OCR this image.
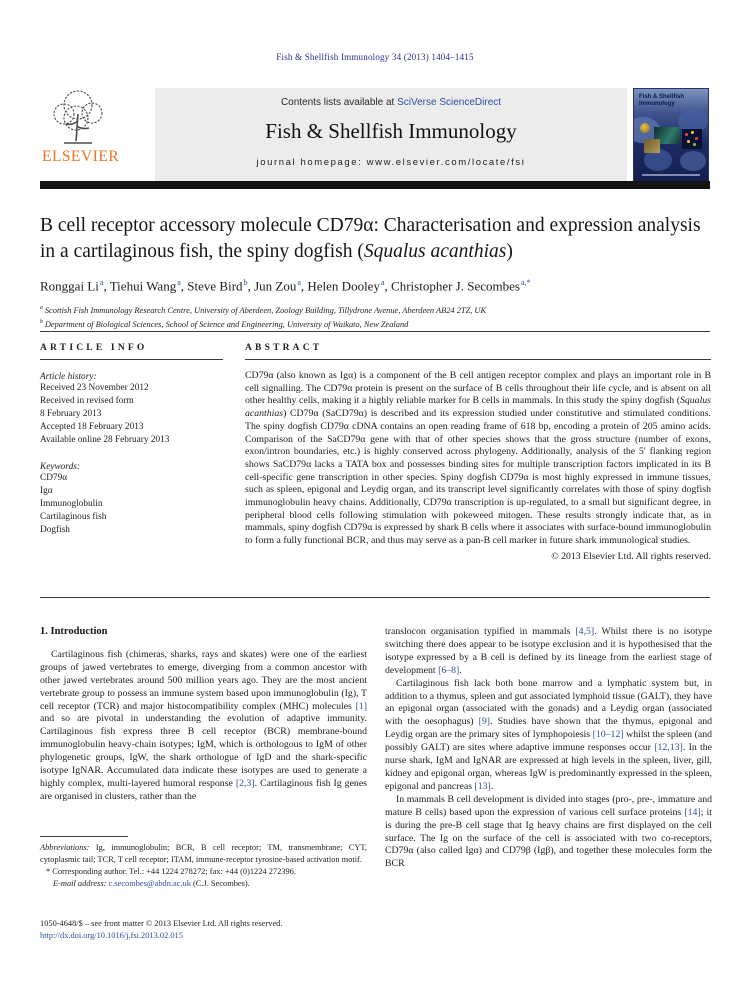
Fish & Shellfish Immunology 34 (2013) 1404–1415
ELSEVIER
Contents lists available at SciVerse ScienceDirect
Fish & Shellfish Immunology
journal homepage: www.elsevier.com/locate/fsi
Fish & Shellfish
Immunology
B cell receptor accessory molecule CD79α: Characterisation and expression analysis in a cartilaginous fish, the spiny dogfish (Squalus acanthias)
Ronggai Li$^a$, Tiehui Wang$^a$, Steve Bird$^b$, Jun Zou$^a$, Helen Dooley$^a$, Christopher J. Secombes$^{a,*}$
$^a$ Scottish Fish Immunology Research Centre, University of Aberdeen, Zoology Building, Tillydrone Avenue, Aberdeen AB24 2TZ, UK
$^b$ Department of Biological Sciences, School of Science and Engineering, University of Waikato, New Zealand
ARTICLE INFO
Article history:
Received 23 November 2012
Received in revised form
8 February 2013
Accepted 18 February 2013
Available online 28 February 2013
Keywords:
CD79α
Igα
Immunoglobulin
Cartilaginous fish
Dogfish
ABSTRACT
CD79α (also known as Igα) is a component of the B cell antigen receptor complex and plays an important role in B cell signalling. The CD79α protein is present on the surface of B cells throughout their life cycle, and is absent on all other healthy cells, making it a highly reliable marker for B cells in mammals. In this study the spiny dogfish (Squalus acanthias) CD79α (SaCD79α) is described and its expression studied under constitutive and stimulated conditions. The spiny dogfish CD79α cDNA contains an open reading frame of 618 bp, encoding a protein of 205 amino acids. Comparison of the SaCD79α gene with that of other species shows that the gross structure (number of exons, exon/intron boundaries, etc.) is highly conserved across phylogeny. Additionally, analysis of the 5′ flanking region shows SaCD79α lacks a TATA box and possesses binding sites for multiple transcription factors implicated in its B cell-specific gene transcription in other species. Spiny dogfish CD79α is most highly expressed in immune tissues, such as spleen, epigonal and Leydig organ, and its transcript level significantly correlates with those of spiny dogfish immunoglobulin heavy chains. Additionally, CD79α transcription is up-regulated, to a small but significant degree, in peripheral blood cells following stimulation with pokeweed mitogen. These results strongly indicate that, as in mammals, spiny dogfish CD79α is expressed by shark B cells where it associates with surface-bound immunoglobulin to form a fully functional BCR, and thus may serve as a pan-B cell marker in future shark immunological studies.
© 2013 Elsevier Ltd. All rights reserved.
1. Introduction

Cartilaginous fish (chimeras, sharks, rays and skates) were one of the earliest groups of jawed vertebrates to emerge, diverging from a common ancestor with other jawed vertebrates around 500 million years ago. They are the most ancient vertebrate group to possess an immune system based upon immunoglobulin (Ig), T cell receptor (TCR) and major histocompatibility complex (MHC) molecules [1] and so are pivotal in understanding the evolution of adaptive immunity. Cartilaginous fish express three B cell receptor (BCR) membrane-bound immunoglobulin heavy-chain isotypes; IgM, which is orthologous to IgM of other phylogenetic groups, IgW, the shark orthologue of IgD and the shark-specific isotype IgNAR. Accumulated data indicate these isotypes are used to generate a highly complex, multi-layered humoral response [2,3]. Cartilaginous fish Ig genes are organised in clusters, rather than the

translocon organisation typified in mammals [4,5]. Whilst there is no isotype switching there does appear to be isotype exclusion and it is hypothesised that the isotype expressed by a B cell is defined by its lineage from the earliest stage of development [6–8].

Cartilaginous fish lack both bone marrow and a lymphatic system but, in addition to a thymus, spleen and gut associated lymphoid tissue (GALT), they have an epigonal organ (associated with the gonads) and a Leydig organ (associated with the oesophagus) [9]. Studies have shown that the thymus, epigonal and Leydig organ are the primary sites of lymphopoiesis [10–12] whilst the spleen (and possibly GALT) are sites where adaptive immune responses occur [12,13]. In the nurse shark, IgM and IgNAR are expressed at high levels in the spleen, liver, gill, kidney and epigonal organ, whereas IgW is predominantly expressed in the spleen, epigonal and pancreas [13].

In mammals B cell development is divided into stages (pro-, pre-, immature and mature B cells) based upon the expression of various cell surface proteins [14]; it is during the pre-B cell stage that Ig heavy chains are first displayed on the cell surface. The Ig on the surface of the cell is associated with two co-receptors, CD79α (also called Igα) and CD79β (Igβ), and together these molecules form the BCR

Abbreviations: Ig, immunoglobulin; BCR, B cell receptor; TM, transmembrane; CYT, cytoplasmic tail; TCR, T cell receptor; ITAM, immune-receptor tyrosine-based activation motif.
* Corresponding author. Tel.: +44 1224 278272; fax: +44 (0)1224 272396.
E-mail address: c.secombes@abdn.ac.uk (C.J. Secombes).
1050-4648/$ – see front matter © 2013 Elsevier Ltd. All rights reserved.
http://dx.doi.org/10.1016/j.fsi.2013.02.015
